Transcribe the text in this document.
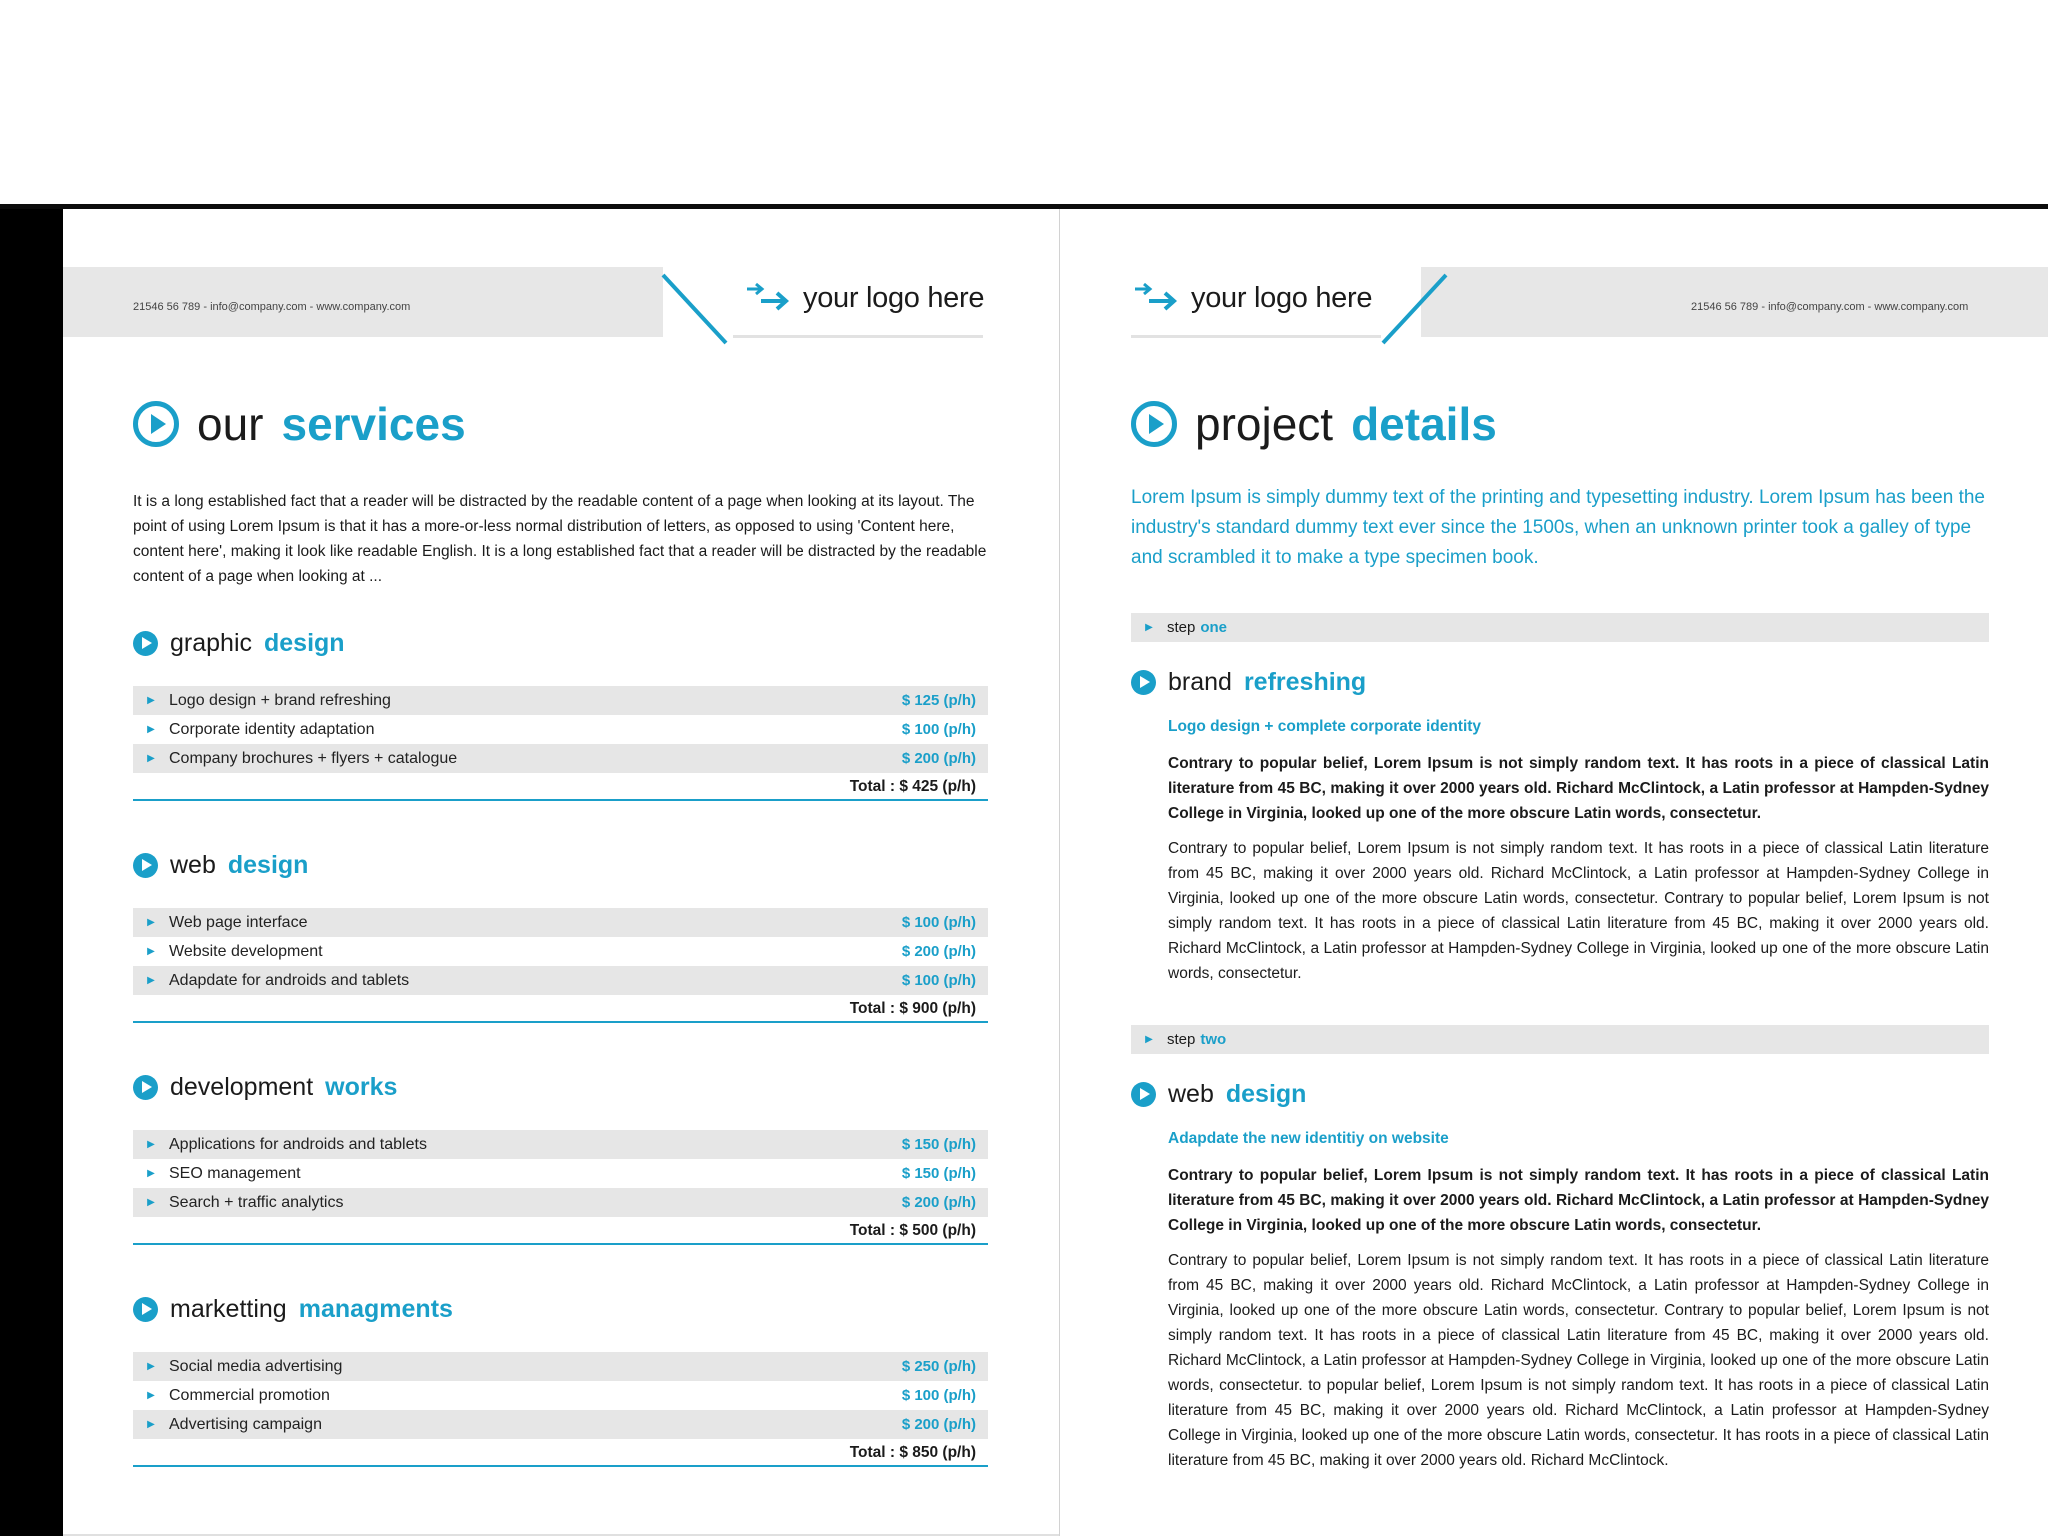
21546 56 789 - info@company.com - www.company.com	your logo here
our services

It is a long established fact that a reader will be distracted by the readable content of a page when looking at its layout. The point of using Lorem Ipsum is that it has a more-or-less normal distribution of letters, as opposed to using 'Content here, content here', making it look like readable English. It is a long established fact that a reader will be distracted by the readable content of a page when looking at ...

graphic design
▶ Logo design + brand refreshing	$ 125 (p/h)
▶ Corporate identity adaptation	$ 100 (p/h)
▶ Company brochures + flyers + catalogue	$ 200 (p/h)
Total : $ 425 (p/h)
web design
▶ Web page interface	$ 100 (p/h)
▶ Website development	$ 200 (p/h)
▶ Adapdate for androids and tablets	$ 100 (p/h)
Total : $ 900 (p/h)
development works
▶ Applications for androids and tablets	$ 150 (p/h)
▶ SEO management	$ 150 (p/h)
▶ Search + traffic analytics	$ 200 (p/h)
Total : $ 500 (p/h)
marketting managments
▶ Social media advertising	$ 250 (p/h)
▶ Commercial promotion	$ 100 (p/h)
▶ Advertising campaign	$ 200 (p/h)
Total : $ 850 (p/h)
21546 56 789 - info@company.com - www.company.com
your logo here
project details

Lorem Ipsum is simply dummy text of the printing and typesetting industry. Lorem Ipsum has been the industry's standard dummy text ever since the 1500s, when an unknown printer took a galley of type and scrambled it to make a type specimen book.

▶ step one
brand refreshing
Logo design + complete corporate identity

Contrary to popular belief, Lorem Ipsum is not simply random text. It has roots in a piece of classical Latin literature from 45 BC, making it over 2000 years old. Richard McClintock, a Latin professor at Hampden-Sydney College in Virginia, looked up one of the more obscure Latin words, consectetur.

Contrary to popular belief, Lorem Ipsum is not simply random text. It has roots in a piece of classical Latin literature from 45 BC, making it over 2000 years old. Richard McClintock, a Latin professor at Hampden-Sydney College in Virginia, looked up one of the more obscure Latin words, consectetur. Contrary to popular belief, Lorem Ipsum is not simply random text. It has roots in a piece of classical Latin literature from 45 BC, making it over 2000 years old. Richard McClintock, a Latin professor at Hampden-Sydney College in Virginia, looked up one of the more obscure Latin words, consectetur.

▶ step two
web design
Adapdate the new identitiy on website

Contrary to popular belief, Lorem Ipsum is not simply random text. It has roots in a piece of classical Latin literature from 45 BC, making it over 2000 years old. Richard McClintock, a Latin professor at Hampden-Sydney College in Virginia, looked up one of the more obscure Latin words, consectetur.

Contrary to popular belief, Lorem Ipsum is not simply random text. It has roots in a piece of classical Latin literature from 45 BC, making it over 2000 years old. Richard McClintock, a Latin professor at Hampden-Sydney College in Virginia, looked up one of the more obscure Latin words, consectetur. Contrary to popular belief, Lorem Ipsum is not simply random text. It has roots in a piece of classical Latin literature from 45 BC, making it over 2000 years old. Richard McClintock, a Latin professor at Hampden-Sydney College in Virginia, looked up one of the more obscure Latin words, consectetur. to popular belief, Lorem Ipsum is not simply random text. It has roots in a piece of classical Latin literature from 45 BC, making it over 2000 years old. Richard McClintock, a Latin professor at Hampden-Sydney College in Virginia, looked up one of the more obscure Latin words, consectetur. It has roots in a piece of classical Latin literature from 45 BC, making it over 2000 years old. Richard McClintock.
